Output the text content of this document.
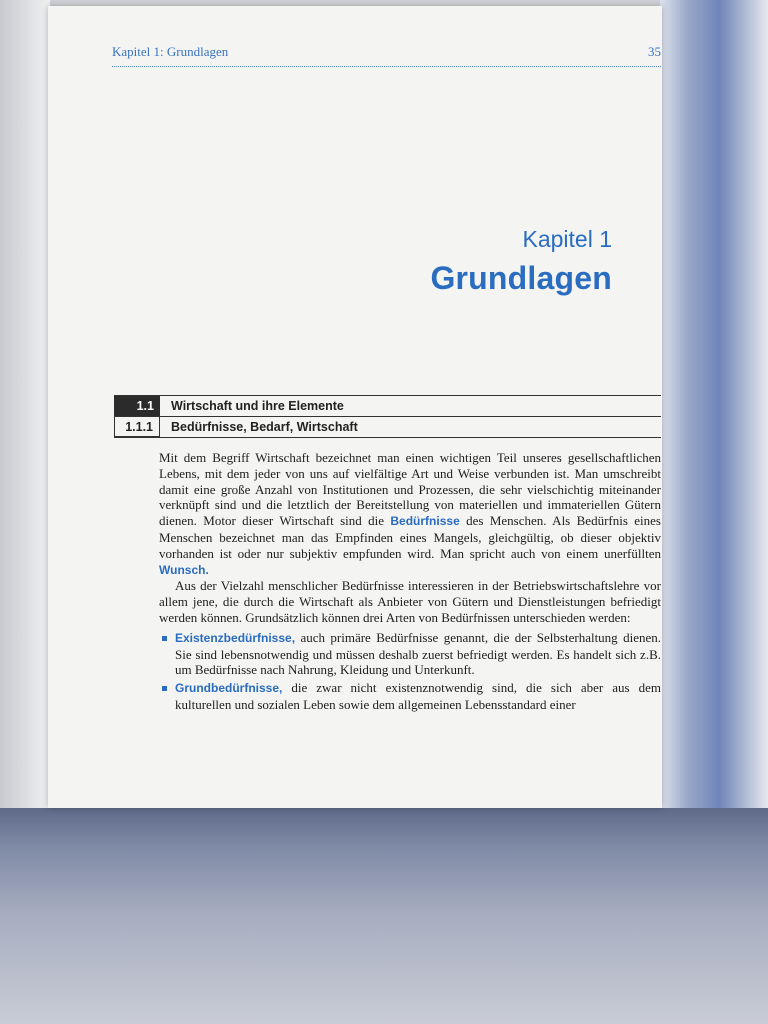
Kapitel 1: Grundlagen	35
Kapitel 1
Grundlagen
1.1	Wirtschaft und ihre Elemente
1.1.1	Bedürfnisse, Bedarf, Wirtschaft

Mit dem Begriff Wirtschaft bezeichnet man einen wichtigen Teil unseres gesellschaftlichen Lebens, mit dem jeder von uns auf vielfältige Art und Weise verbunden ist. Man umschreibt damit eine große Anzahl von Institutionen und Prozessen, die sehr vielschichtig miteinander verknüpft sind und die letztlich der Bereitstellung von materiellen und immateriellen Gütern dienen. Motor dieser Wirtschaft sind die Bedürfnisse des Menschen. Als Bedürfnis eines Menschen bezeichnet man das Empfinden eines Mangels, gleichgültig, ob dieser objektiv vorhanden ist oder nur subjektiv empfunden wird. Man spricht auch von einem unerfüllten Wunsch.

Aus der Vielzahl menschlicher Bedürfnisse interessieren in der Betriebswirtschaftslehre vor allem jene, die durch die Wirtschaft als Anbieter von Gütern und Dienstleistungen befriedigt werden können. Grundsätzlich können drei Arten von Bedürfnissen unterschieden werden:

Existenzbedürfnisse, auch primäre Bedürfnisse genannt, die der Selbsterhaltung dienen. Sie sind lebensnotwendig und müssen deshalb zuerst befriedigt werden. Es handelt sich z.B. um Bedürfnisse nach Nahrung, Kleidung und Unterkunft.
Grundbedürfnisse, die zwar nicht existenznotwendig sind, die sich aber aus dem kulturellen und sozialen Leben sowie dem allgemeinen Lebensstandard einer
